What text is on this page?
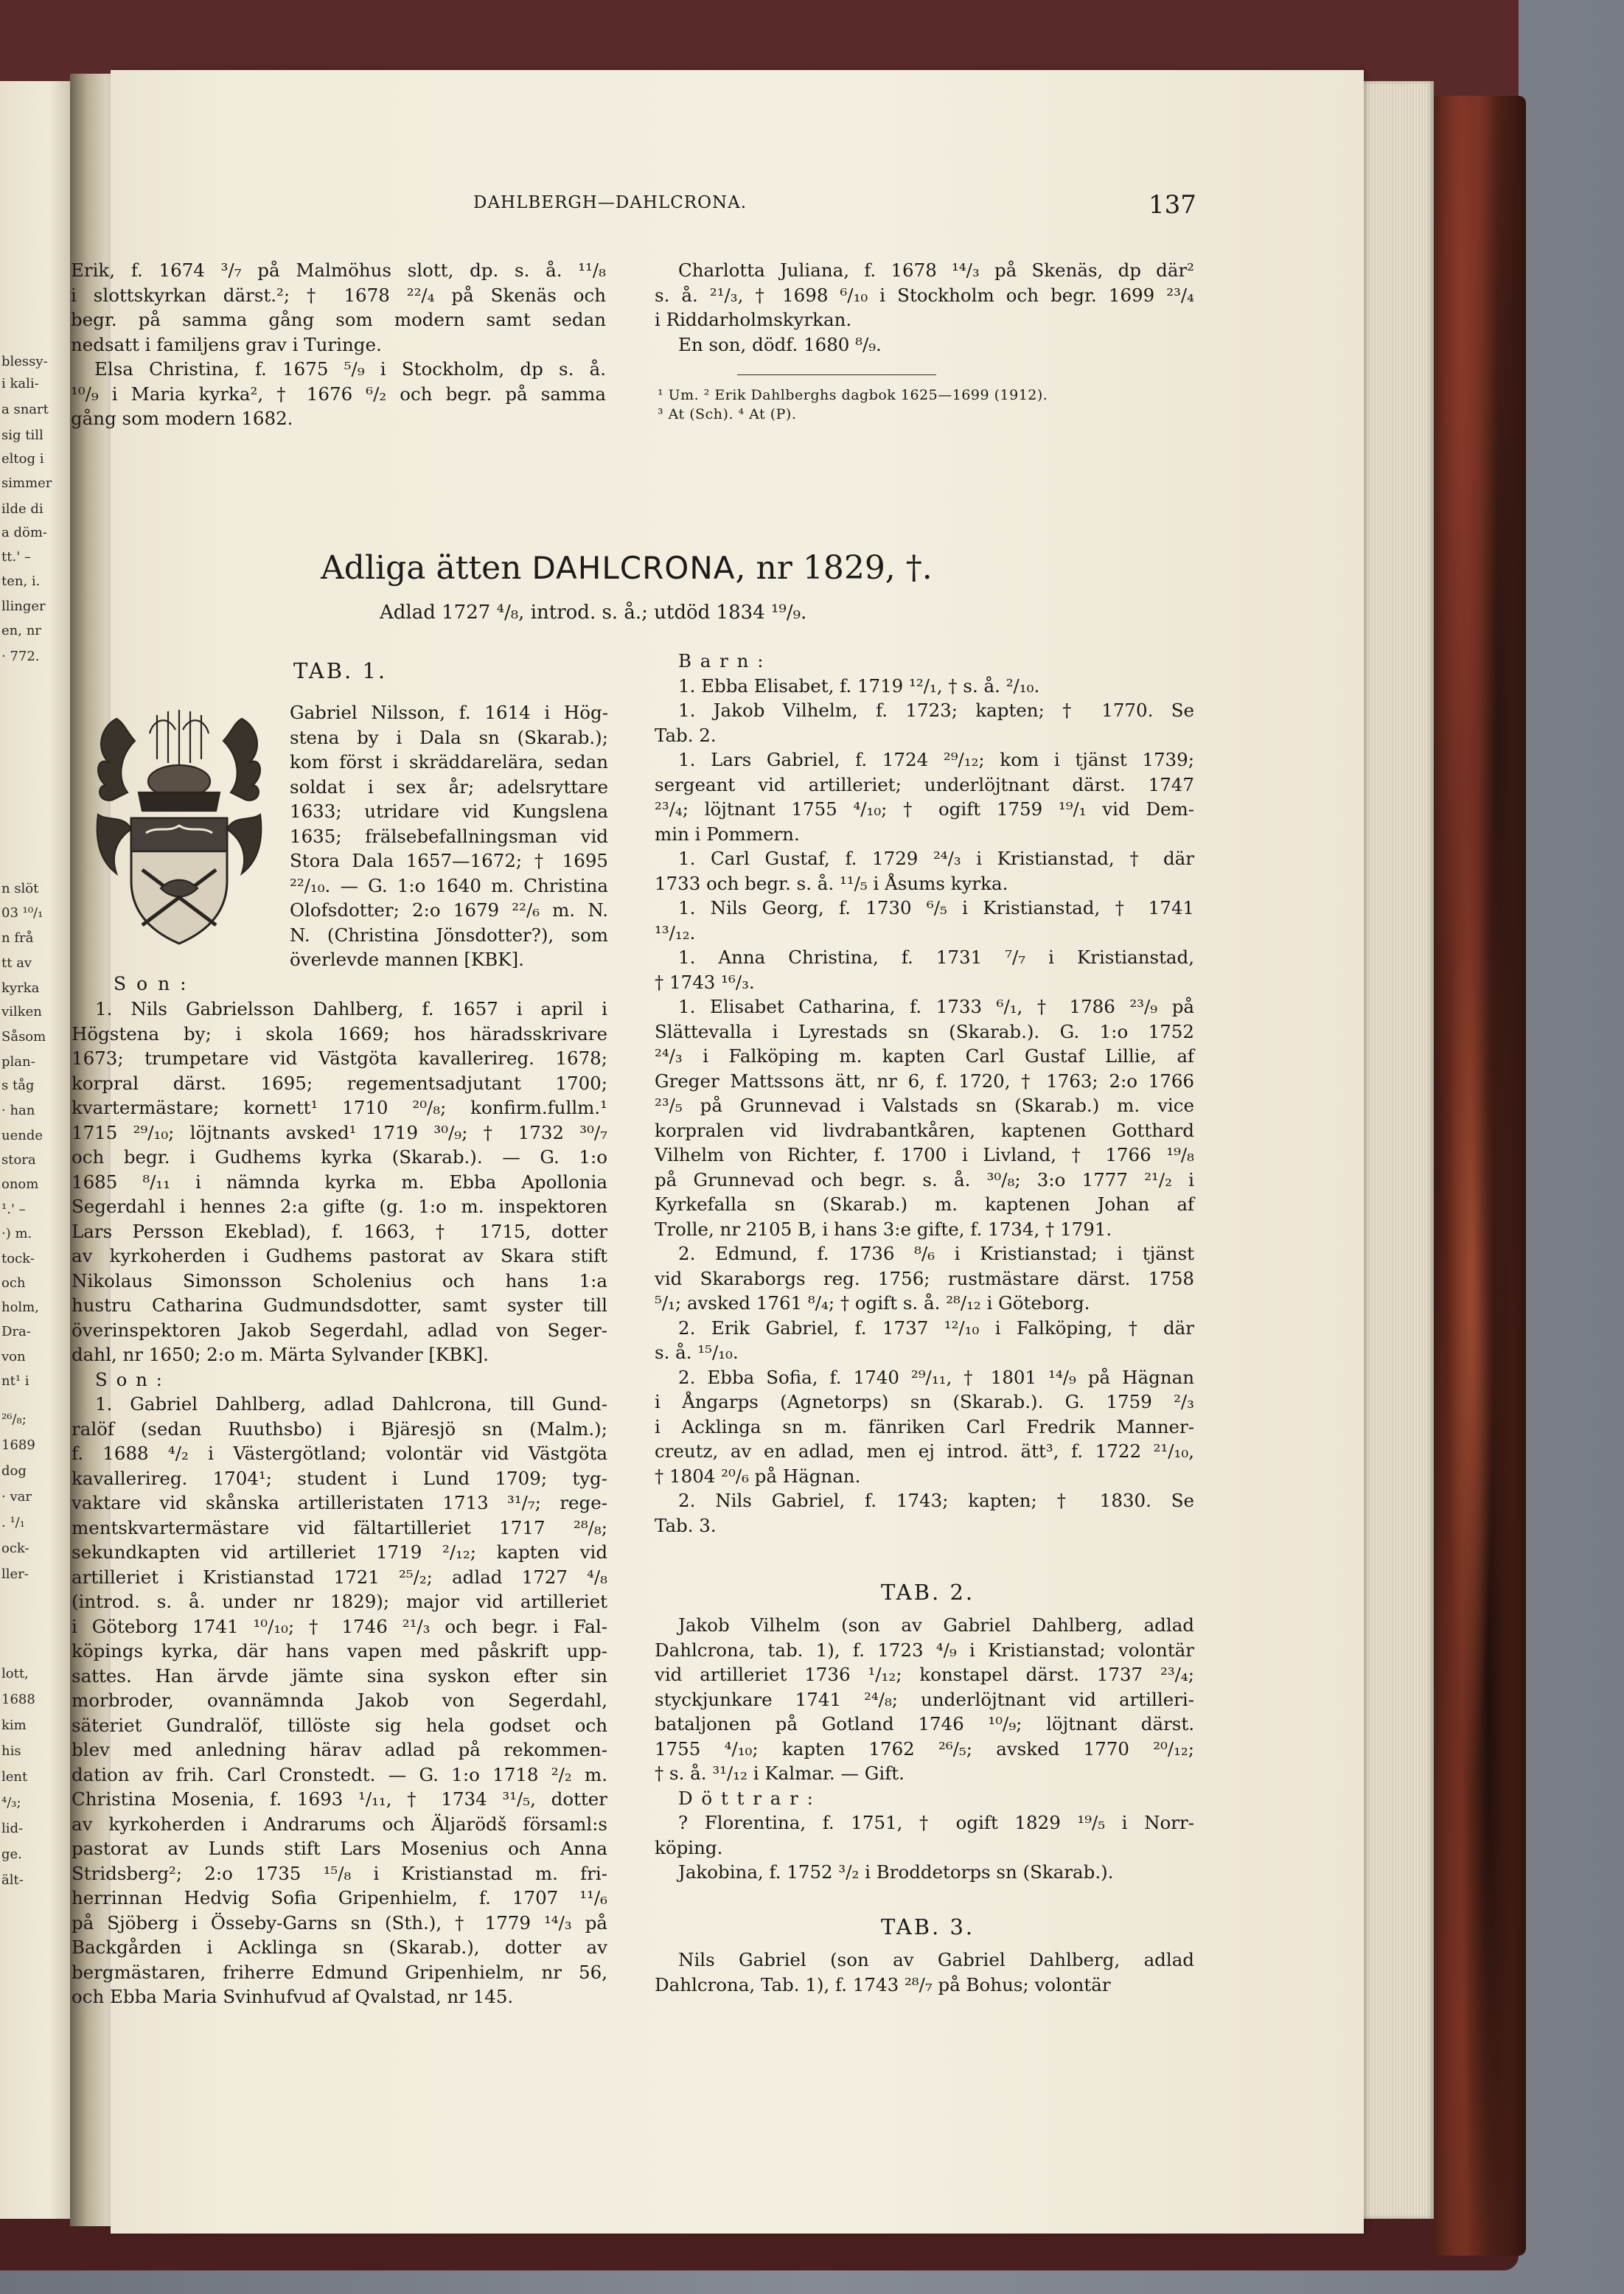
blessy-
i kali-
a snart
sig till
eltog i
simmer
ilde di
a döm-
tt.' –
ten, i.
llinger
en, nr
· 772.
n slöt
03 ¹⁰/₁
n frå
tt av
kyrka
vilken
Såsom
plan-
s tåg
· han
uende
stora
onom
¹.' –
·) m.
tock-
och
holm,
Dra-
von
nt¹ i
²⁶/₈;
1689
dog
· var
. ¹/₁
ock-
ller-
lott,
1688
kim
his
lent
⁴/₃;
lid-
ge.
ält-
DAHLBERGH—DAHLCRONA.	137
Erik, f. 1674 ³/₇ på Malmöhus slott, dp. s. å. ¹¹/₈
i slottskyrkan därst.²; † 1678 ²²/₄ på Skenäs och
begr. på samma gång som modern samt sedan
nedsatt i familjens grav i Turinge.
Elsa Christina, f. 1675 ⁵/₉ i Stockholm, dp s. å.
¹⁰/₉ i Maria kyrka², † 1676 ⁶/₂ och begr. på samma
gång som modern 1682.
Charlotta Juliana, f. 1678 ¹⁴/₃ på Skenäs, dp där²
s. å. ²¹/₃, † 1698 ⁶/₁₀ i Stockholm och begr. 1699 ²³/₄
i Riddarholmskyrkan.
En son, dödf. 1680 ⁸/₉.
¹ Um. ² Erik Dahlberghs dagbok 1625—1699 (1912).
³ At (Sch). ⁴ At (P).
Adliga ätten DAHLCRONA, nr 1829, †.
Adlad 1727 ⁴/₈, introd. s. å.; utdöd 1834 ¹⁹/₉.
TAB. 1.
Gabriel Nilsson, f. 1614 i Hög-
stena by i Dala sn (Skarab.);
kom först i skräddarelära, sedan
soldat i sex år; adelsryttare
1633; utridare vid Kungslena
1635; frälsebefallningsman vid
Stora Dala 1657—1672; † 1695
²²/₁₀. — G. 1:o 1640 m. Christina
Olofsdotter; 2:o 1679 ²²/₆ m. N.
N. (Christina Jönsdotter?), som
överlevde mannen [KBK].
S o n :
1. Nils Gabrielsson Dahlberg, f. 1657 i april i
Högstena by; i skola 1669; hos häradsskrivare
1673; trumpetare vid Västgöta kavallerireg. 1678;
korpral därst. 1695; regementsadjutant 1700;
kvartermästare; kornett¹ 1710 ²⁰/₈; konfirm.fullm.¹
1715 ²⁹/₁₀; löjtnants avsked¹ 1719 ³⁰/₉; † 1732 ³⁰/₇
och begr. i Gudhems kyrka (Skarab.). — G. 1:o
1685 ⁸/₁₁ i nämnda kyrka m. Ebba Apollonia
Segerdahl i hennes 2:a gifte (g. 1:o m. inspektoren
Lars Persson Ekeblad), f. 1663, † 1715, dotter
av kyrkoherden i Gudhems pastorat av Skara stift
Nikolaus Simonsson Scholenius och hans 1:a
hustru Catharina Gudmundsdotter, samt syster till
överinspektoren Jakob Segerdahl, adlad von Seger-
dahl, nr 1650; 2:o m. Märta Sylvander [KBK].
S o n :
1. Gabriel Dahlberg, adlad Dahlcrona, till Gund-
ralöf (sedan Ruuthsbo) i Bjäresjö sn (Malm.);
f. 1688 ⁴/₂ i Västergötland; volontär vid Västgöta
kavallerireg. 1704¹; student i Lund 1709; tyg-
vaktare vid skånska artilleristaten 1713 ³¹/₇; rege-
mentskvartermästare vid fältartilleriet 1717 ²⁸/₈;
sekundkapten vid artilleriet 1719 ²/₁₂; kapten vid
artilleriet i Kristianstad 1721 ²⁵/₂; adlad 1727 ⁴/₈
(introd. s. å. under nr 1829); major vid artilleriet
i Göteborg 1741 ¹⁰/₁₀; † 1746 ²¹/₃ och begr. i Fal-
köpings kyrka, där hans vapen med påskrift upp-
sattes. Han ärvde jämte sina syskon efter sin
morbroder, ovannämnda Jakob von Segerdahl,
säteriet Gundralöf, tillöste sig hela godset och
blev med anledning härav adlad på rekommen-
dation av frih. Carl Cronstedt. — G. 1:o 1718 ²/₂ m.
Christina Mosenia, f. 1693 ¹/₁₁, † 1734 ³¹/₅, dotter
av kyrkoherden i Andrarums och Äljarödš församl:s
pastorat av Lunds stift Lars Mosenius och Anna
Stridsberg²; 2:o 1735 ¹⁵/₈ i Kristianstad m. fri-
herrinnan Hedvig Sofia Gripenhielm, f. 1707 ¹¹/₆
på Sjöberg i Össeby-Garns sn (Sth.), † 1779 ¹⁴/₃ på
Backgården i Acklinga sn (Skarab.), dotter av
bergmästaren, friherre Edmund Gripenhielm, nr 56,
och Ebba Maria Svinhufvud af Qvalstad, nr 145.
B a r n :
1. Ebba Elisabet, f. 1719 ¹²/₁, † s. å. ²/₁₀.
1. Jakob Vilhelm, f. 1723; kapten; † 1770. Se
Tab. 2.
1. Lars Gabriel, f. 1724 ²⁹/₁₂; kom i tjänst 1739;
sergeant vid artilleriet; underlöjtnant därst. 1747
²³/₄; löjtnant 1755 ⁴/₁₀; † ogift 1759 ¹⁹/₁ vid Dem-
min i Pommern.
1. Carl Gustaf, f. 1729 ²⁴/₃ i Kristianstad, † där
1733 och begr. s. å. ¹¹/₅ i Åsums kyrka.
1. Nils Georg, f. 1730 ⁶/₅ i Kristianstad, † 1741
¹³/₁₂.
1. Anna Christina, f. 1731 ⁷/₇ i Kristianstad,
† 1743 ¹⁶/₃.
1. Elisabet Catharina, f. 1733 ⁶/₁, † 1786 ²³/₉ på
Slättevalla i Lyrestads sn (Skarab.). G. 1:o 1752
²⁴/₃ i Falköping m. kapten Carl Gustaf Lillie, af
Greger Mattssons ätt, nr 6, f. 1720, † 1763; 2:o 1766
²³/₅ på Grunnevad i Valstads sn (Skarab.) m. vice
korpralen vid livdrabantkåren, kaptenen Gotthard
Vilhelm von Richter, f. 1700 i Livland, † 1766 ¹⁹/₈
på Grunnevad och begr. s. å. ³⁰/₈; 3:o 1777 ²¹/₂ i
Kyrkefalla sn (Skarab.) m. kaptenen Johan af
Trolle, nr 2105 B, i hans 3:e gifte, f. 1734, † 1791.
2. Edmund, f. 1736 ⁸/₆ i Kristianstad; i tjänst
vid Skaraborgs reg. 1756; rustmästare därst. 1758
⁵/₁; avsked 1761 ⁸/₄; † ogift s. å. ²⁸/₁₂ i Göteborg.
2. Erik Gabriel, f. 1737 ¹²/₁₀ i Falköping, † där
s. å. ¹⁵/₁₀.
2. Ebba Sofia, f. 1740 ²⁹/₁₁, † 1801 ¹⁴/₉ på Hägnan
i Ångarps (Agnetorps) sn (Skarab.). G. 1759 ²/₃
i Acklinga sn m. fänriken Carl Fredrik Manner-
creutz, av en adlad, men ej introd. ätt³, f. 1722 ²¹/₁₀,
† 1804 ²⁰/₆ på Hägnan.
2. Nils Gabriel, f. 1743; kapten; † 1830. Se
Tab. 3.
TAB. 2.
Jakob Vilhelm (son av Gabriel Dahlberg, adlad
Dahlcrona, tab. 1), f. 1723 ⁴/₉ i Kristianstad; volontär
vid artilleriet 1736 ¹/₁₂; konstapel därst. 1737 ²³/₄;
styckjunkare 1741 ²⁴/₈; underlöjtnant vid artilleri-
bataljonen på Gotland 1746 ¹⁰/₉; löjtnant därst.
1755 ⁴/₁₀; kapten 1762 ²⁶/₅; avsked 1770 ²⁰/₁₂;
† s. å. ³¹/₁₂ i Kalmar. — Gift.
D ö t t r a r :
? Florentina, f. 1751, † ogift 1829 ¹⁹/₅ i Norr-
köping.
Jakobina, f. 1752 ³/₂ i Broddetorps sn (Skarab.).
TAB. 3.
Nils Gabriel (son av Gabriel Dahlberg, adlad
Dahlcrona, Tab. 1), f. 1743 ²⁸/₇ på Bohus; volontär
